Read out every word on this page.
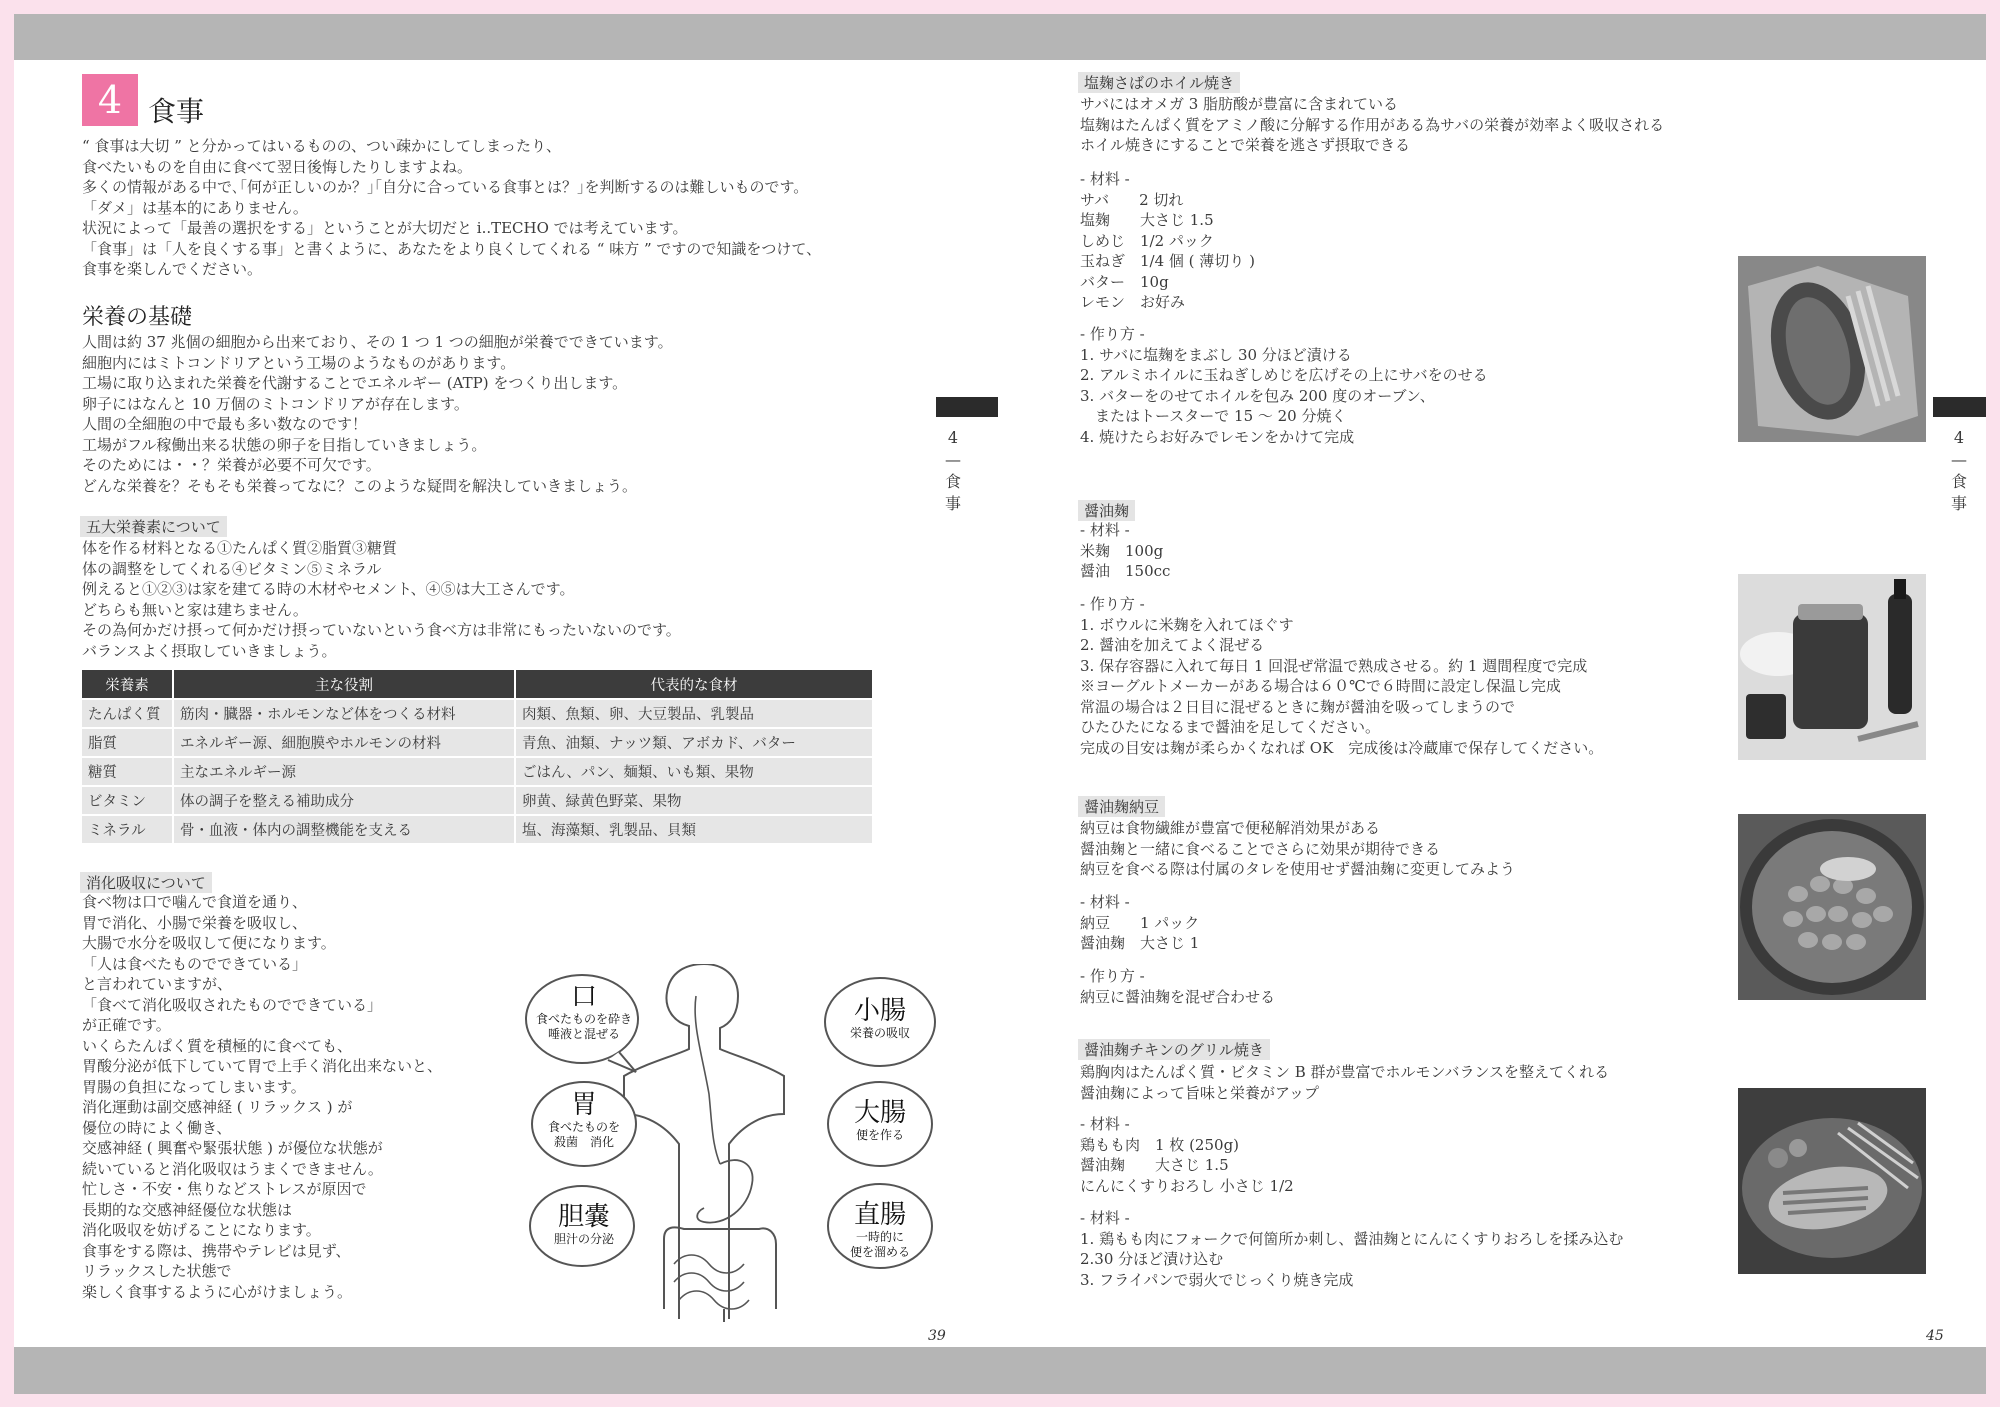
4 食事
“ 食事は大切 ” と分かってはいるものの、つい疎かにしてしまったり、
食べたいものを自由に食べて翌日後悔したりしますよね。
多くの情報がある中で､｢何が正しいのか？｣｢自分に合っている食事とは？｣を判断するのは難しいものです。
「ダメ」は基本的にありません。
状況によって「最善の選択をする」ということが大切だと i..TECHO では考えています。
「食事」は「人を良くする事」と書くように、あなたをより良くしてくれる “ 味方 ” ですので知識をつけて、
食事を楽しんでください。
栄養の基礎
人間は約 37 兆個の細胞から出来ており、その 1 つ 1 つの細胞が栄養でできています。
細胞内にはミトコンドリアという工場のようなものがあります。
工場に取り込まれた栄養を代謝することでエネルギー (ATP) をつくり出します。
卵子にはなんと 10 万個のミトコンドリアが存在します。
人間の全細胞の中で最も多い数なのです！
工場がフル稼働出来る状態の卵子を目指していきましょう。
そのためには・・？栄養が必要不可欠です。
どんな栄養を？そもそも栄養ってなに？このような疑問を解決していきましょう。
五大栄養素について
体を作る材料となる①たんぱく質②脂質③糖質
体の調整をしてくれる④ビタミン⑤ミネラル
例えると①②③は家を建てる時の木材やセメント、④⑤は大工さんです。
どちらも無いと家は建ちません。
その為何かだけ摂って何かだけ摂っていないという食べ方は非常にもったいないのです。
バランスよく摂取していきましょう。
栄養素	主な役割	代表的な食材
たんぱく質	筋肉・臓器・ホルモンなど体をつくる材料	肉類、魚類、卵、大豆製品、乳製品
脂質	エネルギー源、細胞膜やホルモンの材料	青魚、油類、ナッツ類、アボカド、バター
糖質	主なエネルギー源	ごはん、パン、麺類、いも類、果物
ビタミン	体の調子を整える補助成分	卵黄、緑黄色野菜、果物
ミネラル	骨・血液・体内の調整機能を支える	塩、海藻類、乳製品、貝類
消化吸収について
食べ物は口で噛んで食道を通り、
胃で消化、小腸で栄養を吸収し、
大腸で水分を吸収して便になります。
「人は食べたものでできている」
と言われていますが、
「食べて消化吸収されたものでできている」
が正確です。
いくらたんぱく質を積極的に食べても、
胃酸分泌が低下していて胃で上手く消化出来ないと、
胃腸の負担になってしまいます。
消化運動は副交感神経 ( リラックス ) が
優位の時によく働き、
交感神経 ( 興奮や緊張状態 ) が優位な状態が
続いていると消化吸収はうまくできません。
忙しさ・不安・焦りなどストレスが原因で
長期的な交感神経優位な状態は
消化吸収を妨げることになります。
食事をする際は、携帯やテレビは見ず、
リラックスした状態で
楽しく食事するように心がけましょう。
口
食べたものを砕き
唾液と混ぜる
胃
食べたものを
殺菌　消化
胆嚢
胆汁の分泌
小腸
栄養の吸収
大腸
便を作る
直腸
一時的に
便を溜める
4
—
食
事
39
塩麹さばのホイル焼き
サバにはオメガ 3 脂肪酸が豊富に含まれている
塩麹はたんぱく質をアミノ酸に分解する作用がある為サバの栄養が効率よく吸収される
ホイル焼きにすることで栄養を逃さず摂取できる
- 材料 -
サバ　　2 切れ
塩麹　　大さじ 1.5
しめじ　1/2 パック
玉ねぎ　1/4 個 ( 薄切り )
バター　10g
レモン　お好み
- 作り方 -
1. サバに塩麹をまぶし 30 分ほど漬ける
2. アルミホイルに玉ねぎしめじを広げその上にサバをのせる
3. バターをのせてホイルを包み 200 度のオーブン、
　またはトースターで 15 ～ 20 分焼く
4. 焼けたらお好みでレモンをかけて完成
醤油麹
- 材料 -
米麹　100g
醤油　150cc
- 作り方 -
1. ボウルに米麹を入れてほぐす
2. 醤油を加えてよく混ぜる
3. 保存容器に入れて毎日 1 回混ぜ常温で熟成させる。約 1 週間程度で完成
※ヨーグルトメーカーがある場合は６０℃で６時間に設定し保温し完成
常温の場合は２日目に混ぜるときに麹が醤油を吸ってしまうので
ひたひたになるまで醤油を足してください。
完成の目安は麹が柔らかくなれば OK　完成後は冷蔵庫で保存してください。
醤油麹納豆
納豆は食物繊維が豊富で便秘解消効果がある
醤油麹と一緒に食べることでさらに効果が期待できる
納豆を食べる際は付属のタレを使用せず醤油麹に変更してみよう
- 材料 -
納豆　　1 パック
醤油麹　大さじ 1
- 作り方 -
納豆に醤油麹を混ぜ合わせる
醤油麹チキンのグリル焼き
鶏胸肉はたんぱく質・ビタミン B 群が豊富でホルモンバランスを整えてくれる
醤油麹によって旨味と栄養がアップ
- 材料 -
鶏もも肉　1 枚 (250g)
醤油麹　　大さじ 1.5
にんにくすりおろし 小さじ 1/2
- 材料 -
1. 鶏もも肉にフォークで何箇所か刺し、醤油麹とにんにくすりおろしを揉み込む
2.30 分ほど漬け込む
3. フライパンで弱火でじっくり焼き完成
4
—
食
事
45
